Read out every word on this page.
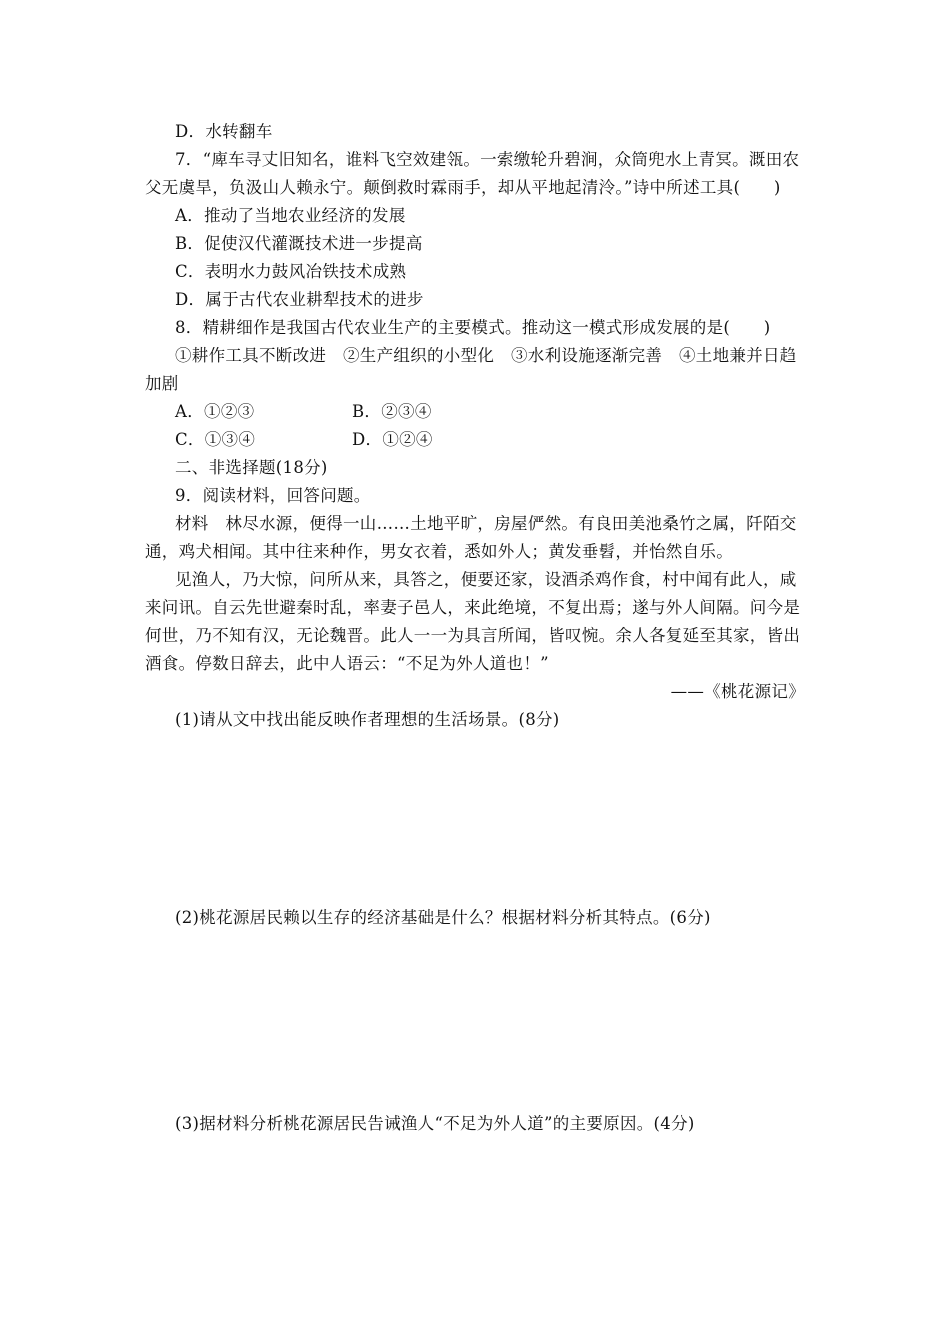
D．水转翻车
7．“庳车寻丈旧知名，谁料飞空效建瓴。一索缴轮升碧涧，众筒兜水上青冥。溉田农
父无虞旱，负汲山人赖永宁。颠倒救时霖雨手，却从平地起清泠。”诗中所述工具(　　)
A．推动了当地农业经济的发展
B．促使汉代灌溉技术进一步提高
C．表明水力鼓风冶铁技术成熟
D．属于古代农业耕犁技术的进步
8．精耕细作是我国古代农业生产的主要模式。推动这一模式形成发展的是(　　)
①耕作工具不断改进　②生产组织的小型化　③水利设施逐渐完善　④土地兼并日趋
加剧
A．①②③	B．②③④
C．①③④	D．①②④
二、非选择题(18分)
9．阅读材料，回答问题。
材料　林尽水源，便得一山……土地平旷，房屋俨然。有良田美池桑竹之属，阡陌交
通，鸡犬相闻。其中往来种作，男女衣着，悉如外人；黄发垂髫，并怡然自乐。
见渔人，乃大惊，问所从来，具答之，便要还家，设酒杀鸡作食，村中闻有此人，咸
来问讯。自云先世避秦时乱，率妻子邑人，来此绝境，不复出焉；遂与外人间隔。问今是
何世，乃不知有汉，无论魏晋。此人一一为具言所闻，皆叹惋。余人各复延至其家，皆出
酒食。停数日辞去，此中人语云：“不足为外人道也！”
——《桃花源记》
(1)请从文中找出能反映作者理想的生活场景。(8分)
(2)桃花源居民赖以生存的经济基础是什么？根据材料分析其特点。(6分)
(3)据材料分析桃花源居民告诫渔人“不足为外人道”的主要原因。(4分)
